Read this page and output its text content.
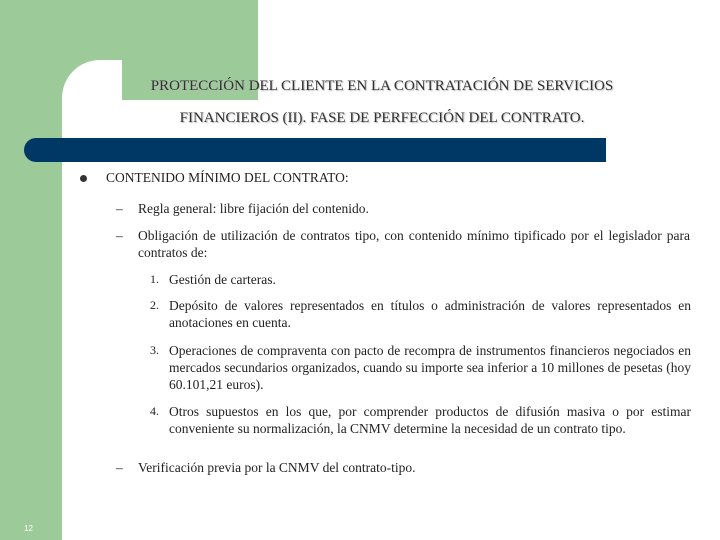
PROTECCIÓN DEL CLIENTE EN LA CONTRATACIÓN DE SERVICIOS
FINANCIEROS (II). FASE DE PERFECCIÓN DEL CONTRATO.
CONTENIDO MÍNIMO DEL CONTRATO:
– Regla general: libre fijación del contenido.
– Obligación de utilización de contratos tipo, con contenido mínimo tipificado por el legislador para contratos de:
1. Gestión de carteras.
2. Depósito de valores representados en títulos o administración de valores representados en anotaciones en cuenta.
3. Operaciones de compraventa con pacto de recompra de instrumentos financieros negociados en mercados secundarios organizados, cuando su importe sea inferior a 10 millones de pesetas (hoy 60.101,21 euros).
4. Otros supuestos en los que, por comprender productos de difusión masiva o por estimar conveniente su normalización, la CNMV determine la necesidad de un contrato tipo.
– Verificación previa por la CNMV del contrato-tipo.
12
